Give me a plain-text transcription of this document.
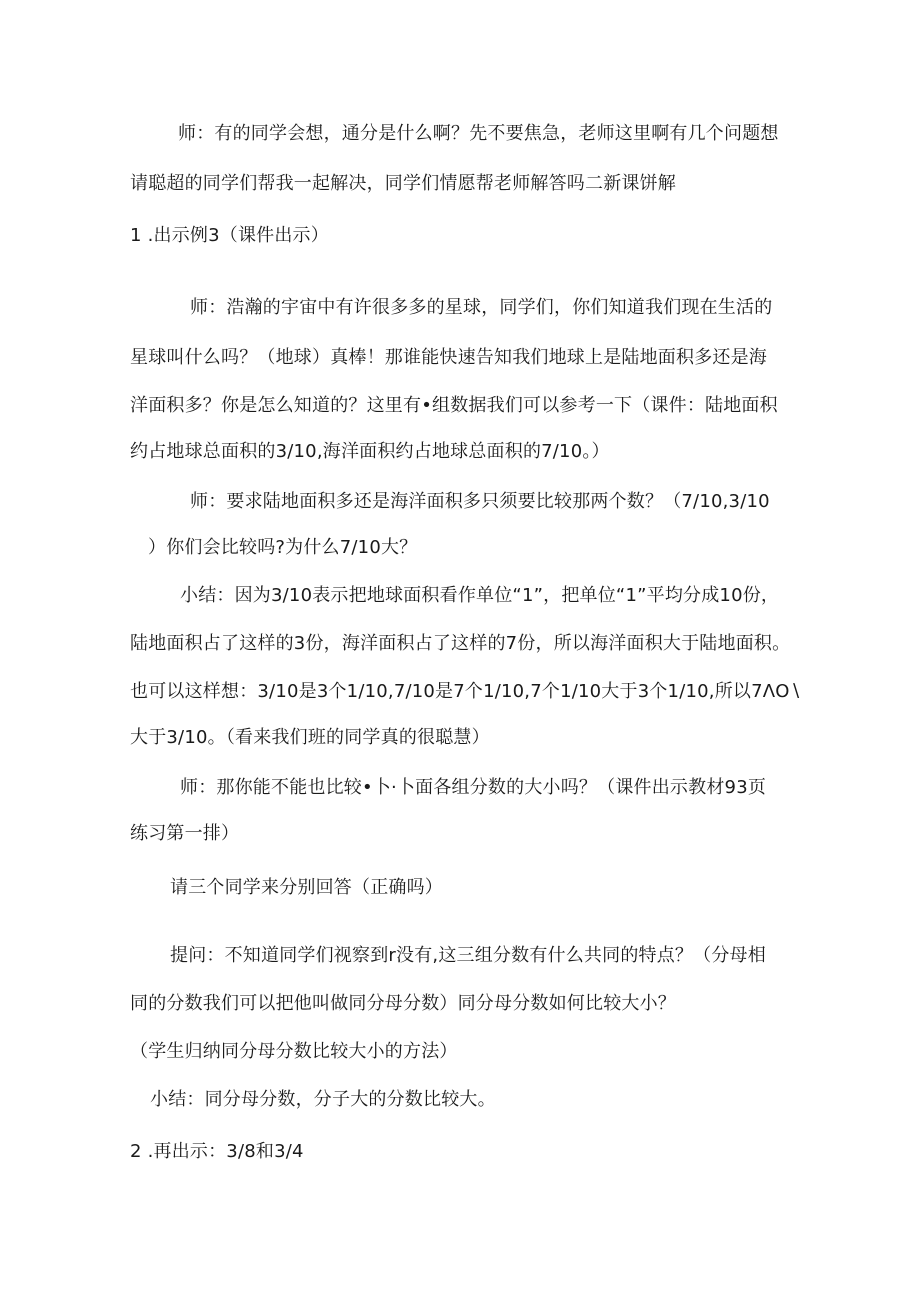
师：有的同学会想，通分是什么啊？先不要焦急，老师这里啊有几个问题想
请聪超的同学们帮我一起解决，同学们情愿帮老师解答吗二新课饼解
1 .出示例3（课件出示）
师：浩瀚的宇宙中有许很多多的星球，同学们，你们知道我们现在生活的
星球叫什么吗？（地球）真棒！那谁能快速告知我们地球上是陆地面积多还是海
洋面积多？你是怎么知道的？这里有•组数据我们可以参考一下（课件：陆地面积
约占地球总面积的3/10,海洋面积约占地球总面积的7/10。）
师：要求陆地面积多还是海洋面积多只须要比较那两个数？（7/10,3/10
）你们会比较吗?为什么7/10大？
小结：因为3/10表示把地球面积看作单位“1”，把单位“1”平均分成10份，
陆地面积占了这样的3份，海洋面积占了这样的7份，所以海洋面积大于陆地面积。
也可以这样想：3/10是3个1/10,7/10是7个1/10,7个1/10大于3个1/10,所以7ΛO∖
大于3/10。（看来我们班的同学真的很聪慧）
师：那你能不能也比较•卜·卜面各组分数的大小吗？（课件出示教材93页
练习第一排）
请三个同学来分别回答（正确吗）
提问：不知道同学们视察到r没有,这三组分数有什么共同的特点？（分母相
同的分数我们可以把他叫做同分母分数）同分母分数如何比较大小？
（学生归纳同分母分数比较大小的方法）
小结：同分母分数，分子大的分数比较大。
2 .再出示：3/8和3/4
